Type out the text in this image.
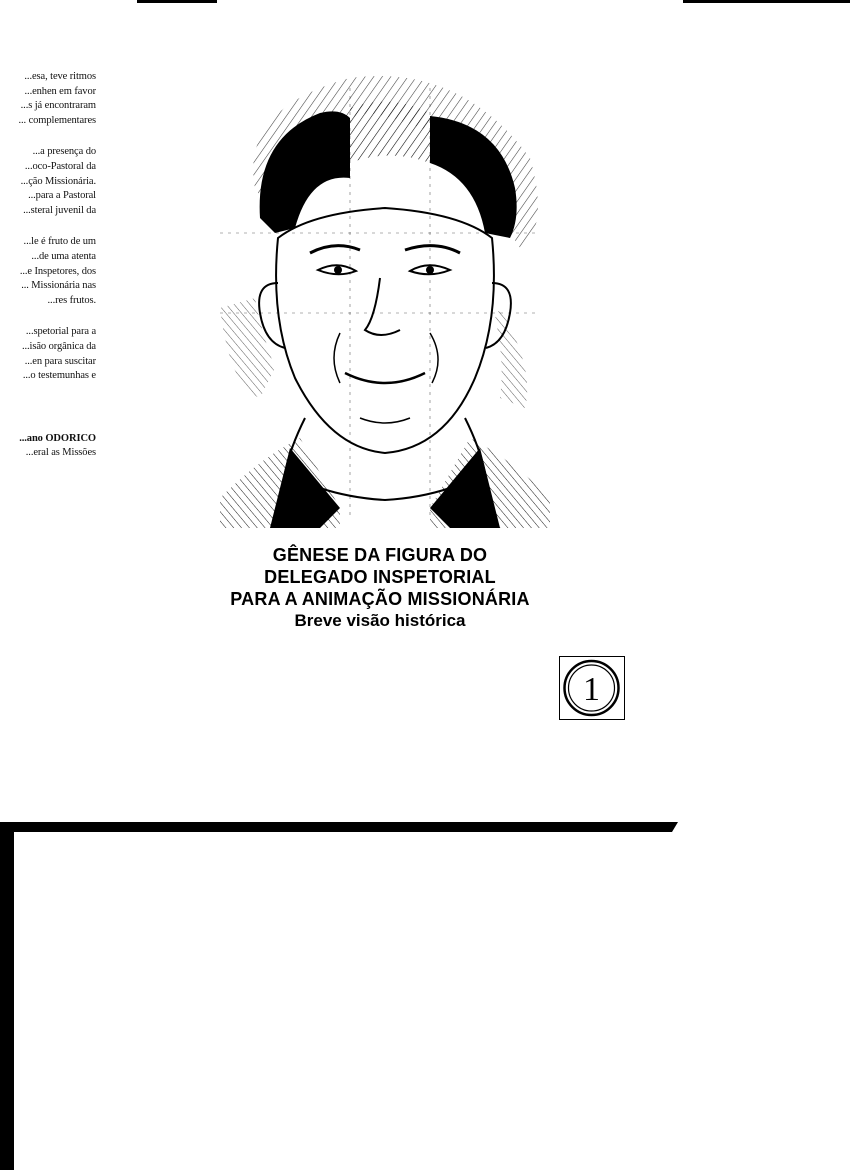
...esa, teve ritmos
...enhen em favor
...s já encontraram
... complementares
...a presença do
...oco-Pastoral da
...ção Missionária.
...para a Pastoral
...steral juvenil da
...le é fruto de um
...de uma atenta
...e Inspetores, dos
... Missionária nas
...res frutos.
...spetorial para a
...isão orgânica da
...en para suscitar
...o testemunhas e
...ano ODORICO
...eral as Missões
GÊNESE DA FIGURA DO
DELEGADO INSPETORIAL
PARA A ANIMAÇÃO MISSIONÁRIA
Breve visão histórica
1
